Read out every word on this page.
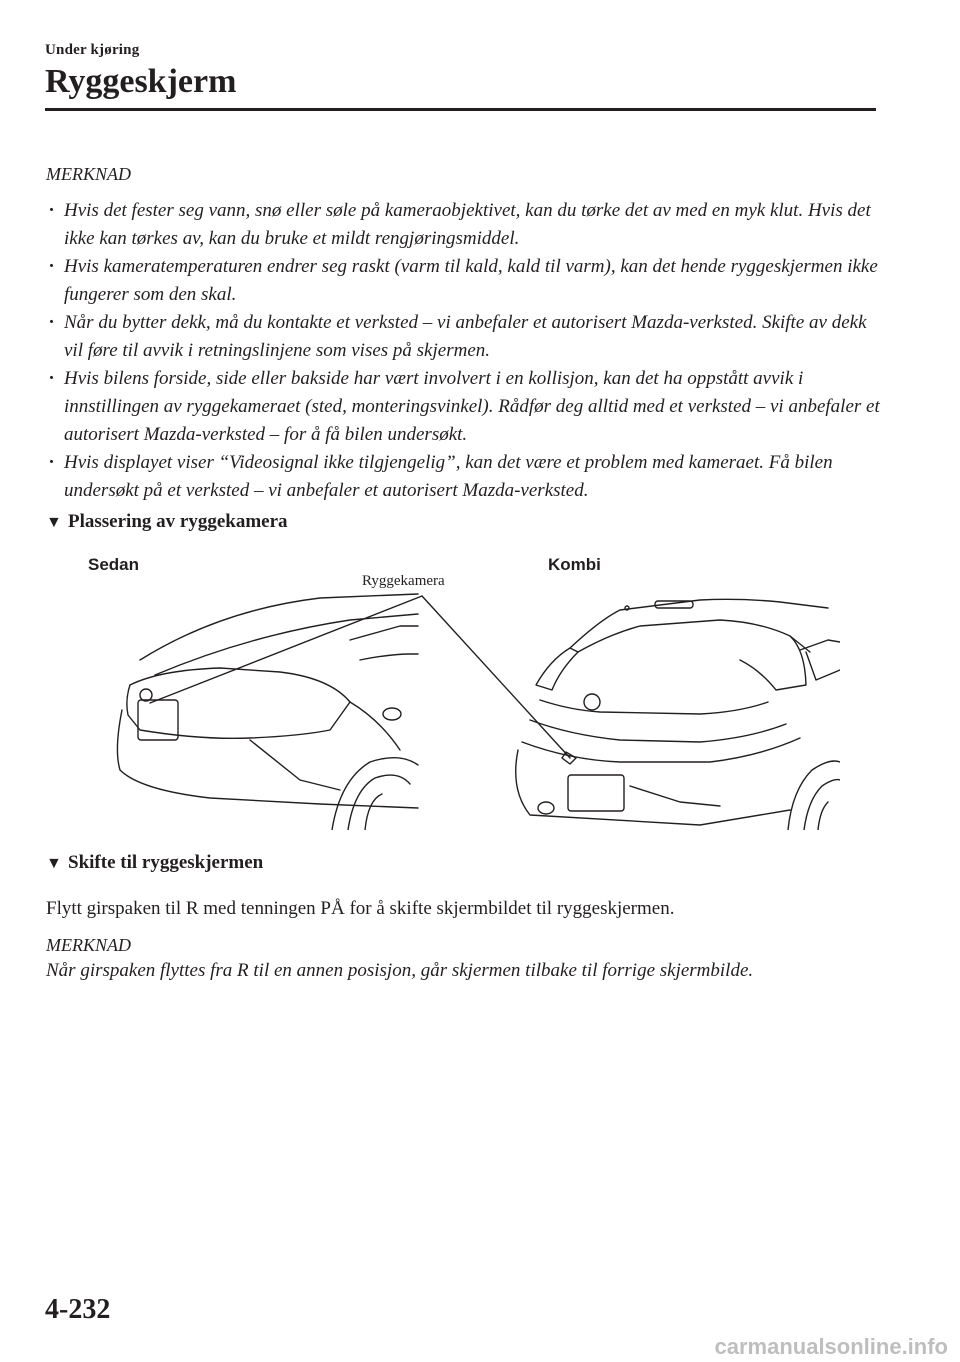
Under kjøring
Ryggeskjerm
MERKNAD
· Hvis det fester seg vann, snø eller søle på kameraobjektivet, kan du tørke det av med en myk klut. Hvis det ikke kan tørkes av, kan du bruke et mildt rengjøringsmiddel.
· Hvis kameratemperaturen endrer seg raskt (varm til kald, kald til varm), kan det hende ryggeskjermen ikke fungerer som den skal.
· Når du bytter dekk, må du kontakte et verksted – vi anbefaler et autorisert Mazda-verksted. Skifte av dekk vil føre til avvik i retningslinjene som vises på skjermen.
· Hvis bilens forside, side eller bakside har vært involvert i en kollisjon, kan det ha oppstått avvik i innstillingen av ryggekameraet (sted, monteringsvinkel). Rådfør deg alltid med et verksted – vi anbefaler et autorisert Mazda-verksted – for å få bilen undersøkt.
· Hvis displayet viser “Videosignal ikke tilgjengelig”, kan det være et problem med kameraet. Få bilen undersøkt på et verksted – vi anbefaler et autorisert Mazda-verksted.
▼ Plassering av ryggekamera
Sedan	Kombi
Ryggekamera
▼ Skifte til ryggeskjermen

Flytt girspaken til R med tenningen PÅ for å skifte skjermbildet til ryggeskjermen.

MERKNAD

Når girspaken flyttes fra R til en annen posisjon, går skjermen tilbake til forrige skjermbilde.

4-232
carmanualsonline.info
